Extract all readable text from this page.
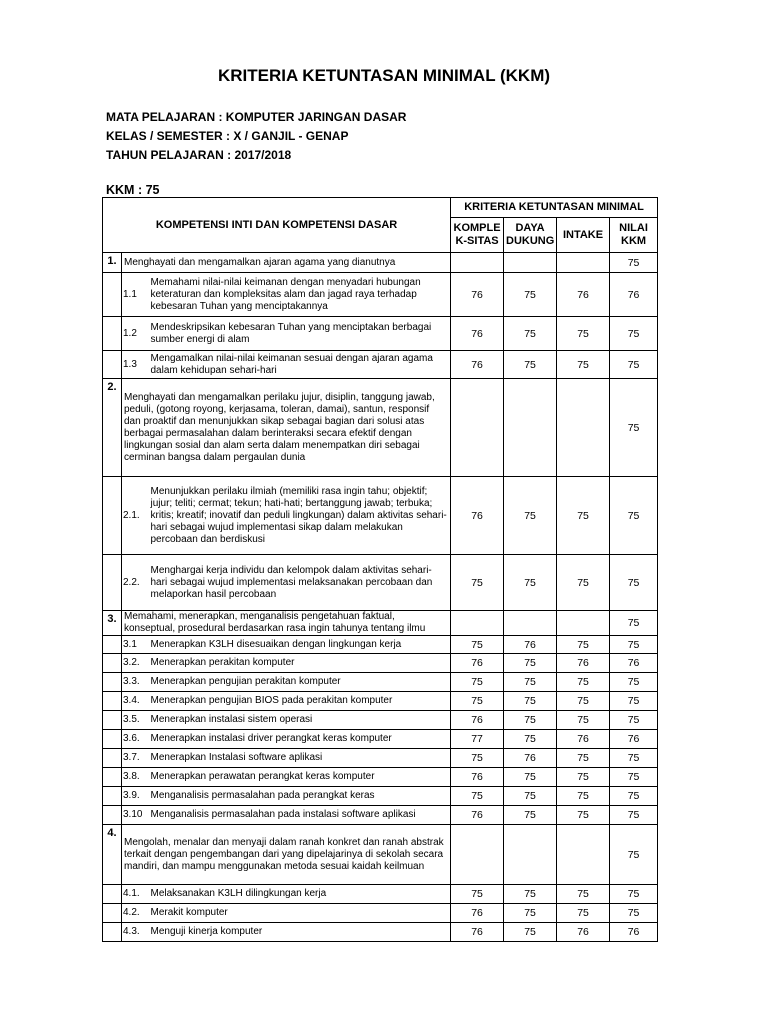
KRITERIA KETUNTASAN MINIMAL (KKM)
MATA PELAJARAN : KOMPUTER JARINGAN DASAR
KELAS / SEMESTER : X / GANJIL - GENAP
TAHUN PELAJARAN : 2017/2018
KKM : 75
KOMPETENSI INTI DAN KOMPETENSI DASAR			KRITERIA KETUNTASAN MINIMAL			
			KOMPLE K-SITAS	DAYA DUKUNG	INTAKE	NILAI KKM
1.	Menghayati dan mengamalkan ajaran agama yang dianutnya					75
	1.1	Memahami nilai-nilai keimanan dengan menyadari hubungan keteraturan dan kompleksitas alam dan jagad raya terhadap kebesaran Tuhan yang menciptakannya	76	75	76	76
	1.2	Mendeskripsikan kebesaran Tuhan yang menciptakan berbagai sumber energi di alam	76	75	75	75
	1.3	Mengamalkan nilai-nilai keimanan sesuai dengan ajaran agama dalam kehidupan sehari-hari	76	75	75	75
2.	Menghayati dan mengamalkan perilaku jujur, disiplin, tanggung jawab, peduli, (gotong royong, kerjasama, toleran, damai), santun, responsif dan proaktif dan menunjukkan sikap sebagai bagian dari solusi atas berbagai permasalahan dalam berinteraksi secara efektif dengan lingkungan sosial dan alam serta dalam menempatkan diri sebagai cerminan bangsa dalam pergaulan dunia					75
	2.1.	Menunjukkan perilaku ilmiah (memiliki rasa ingin tahu; objektif; jujur; teliti; cermat; tekun; hati-hati; bertanggung jawab; terbuka; kritis; kreatif; inovatif dan peduli lingkungan) dalam aktivitas sehari-hari sebagai wujud implementasi sikap dalam melakukan percobaan dan berdiskusi	76	75	75	75
	2.2.	Menghargai kerja individu dan kelompok dalam aktivitas sehari-hari sebagai wujud implementasi melaksanakan percobaan dan melaporkan hasil percobaan	75	75	75	75
3.	Memahami, menerapkan, menganalisis pengetahuan faktual, konseptual, prosedural berdasarkan rasa ingin tahunya tentang ilmu					75
	3.1	Menerapkan K3LH disesuaikan dengan lingkungan kerja	75	76	75	75
	3.2.	Menerapkan perakitan komputer	76	75	76	76
	3.3.	Menerapkan pengujian perakitan komputer	75	75	75	75
	3.4.	Menerapkan pengujian BIOS pada perakitan komputer	75	75	75	75
	3.5.	Menerapkan instalasi sistem operasi	76	75	75	75
	3.6.	Menerapkan instalasi driver perangkat keras komputer	77	75	76	76
	3.7.	Menerapkan Instalasi software aplikasi	75	76	75	75
	3.8.	Menerapkan perawatan perangkat keras komputer	76	75	75	75
	3.9.	Menganalisis permasalahan pada perangkat keras	75	75	75	75
	3.10	Menganalisis permasalahan pada instalasi software aplikasi	76	75	75	75
4.	Mengolah, menalar dan menyaji dalam ranah konkret dan ranah abstrak terkait dengan pengembangan dari yang dipelajarinya di sekolah secara mandiri, dan mampu menggunakan metoda sesuai kaidah keilmuan					75
	4.1.	Melaksanakan K3LH dilingkungan kerja	75	75	75	75
	4.2.	Merakit komputer	76	75	75	75
	4.3.	Menguji kinerja komputer	76	75	76	76
